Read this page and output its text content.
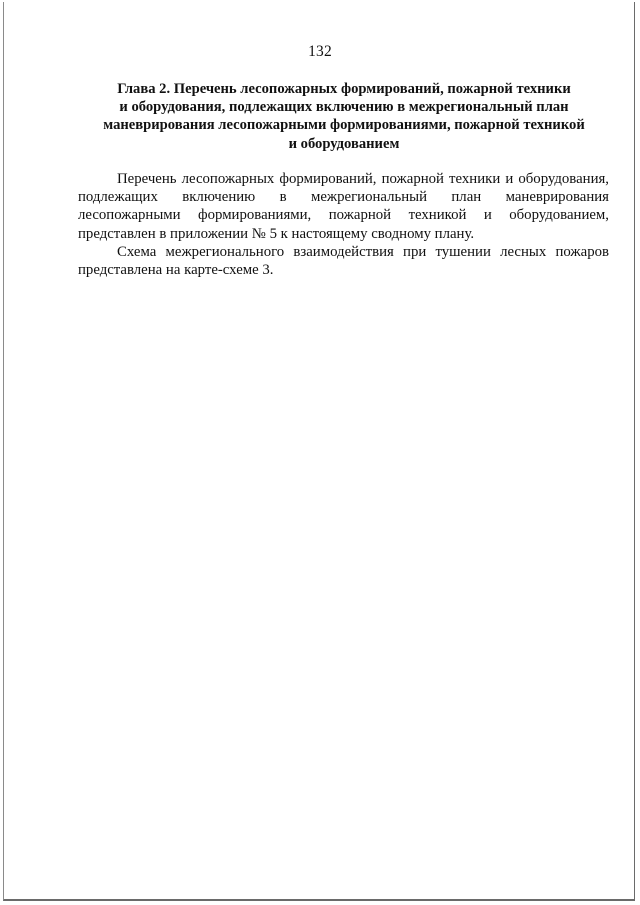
132
Глава 2. Перечень лесопожарных формирований, пожарной техники
и оборудования, подлежащих включению в межрегиональный план
маневрирования лесопожарными формированиями, пожарной техникой
и оборудованием
Перечень лесопожарных формирований, пожарной техники и оборудования,
подлежащих включению в межрегиональный план маневрирования
лесопожарными формированиями, пожарной техникой и оборудованием,
представлен в приложении № 5 к настоящему сводному плану.
Схема межрегионального взаимодействия при тушении лесных пожаров
представлена на карте-схеме 3.
